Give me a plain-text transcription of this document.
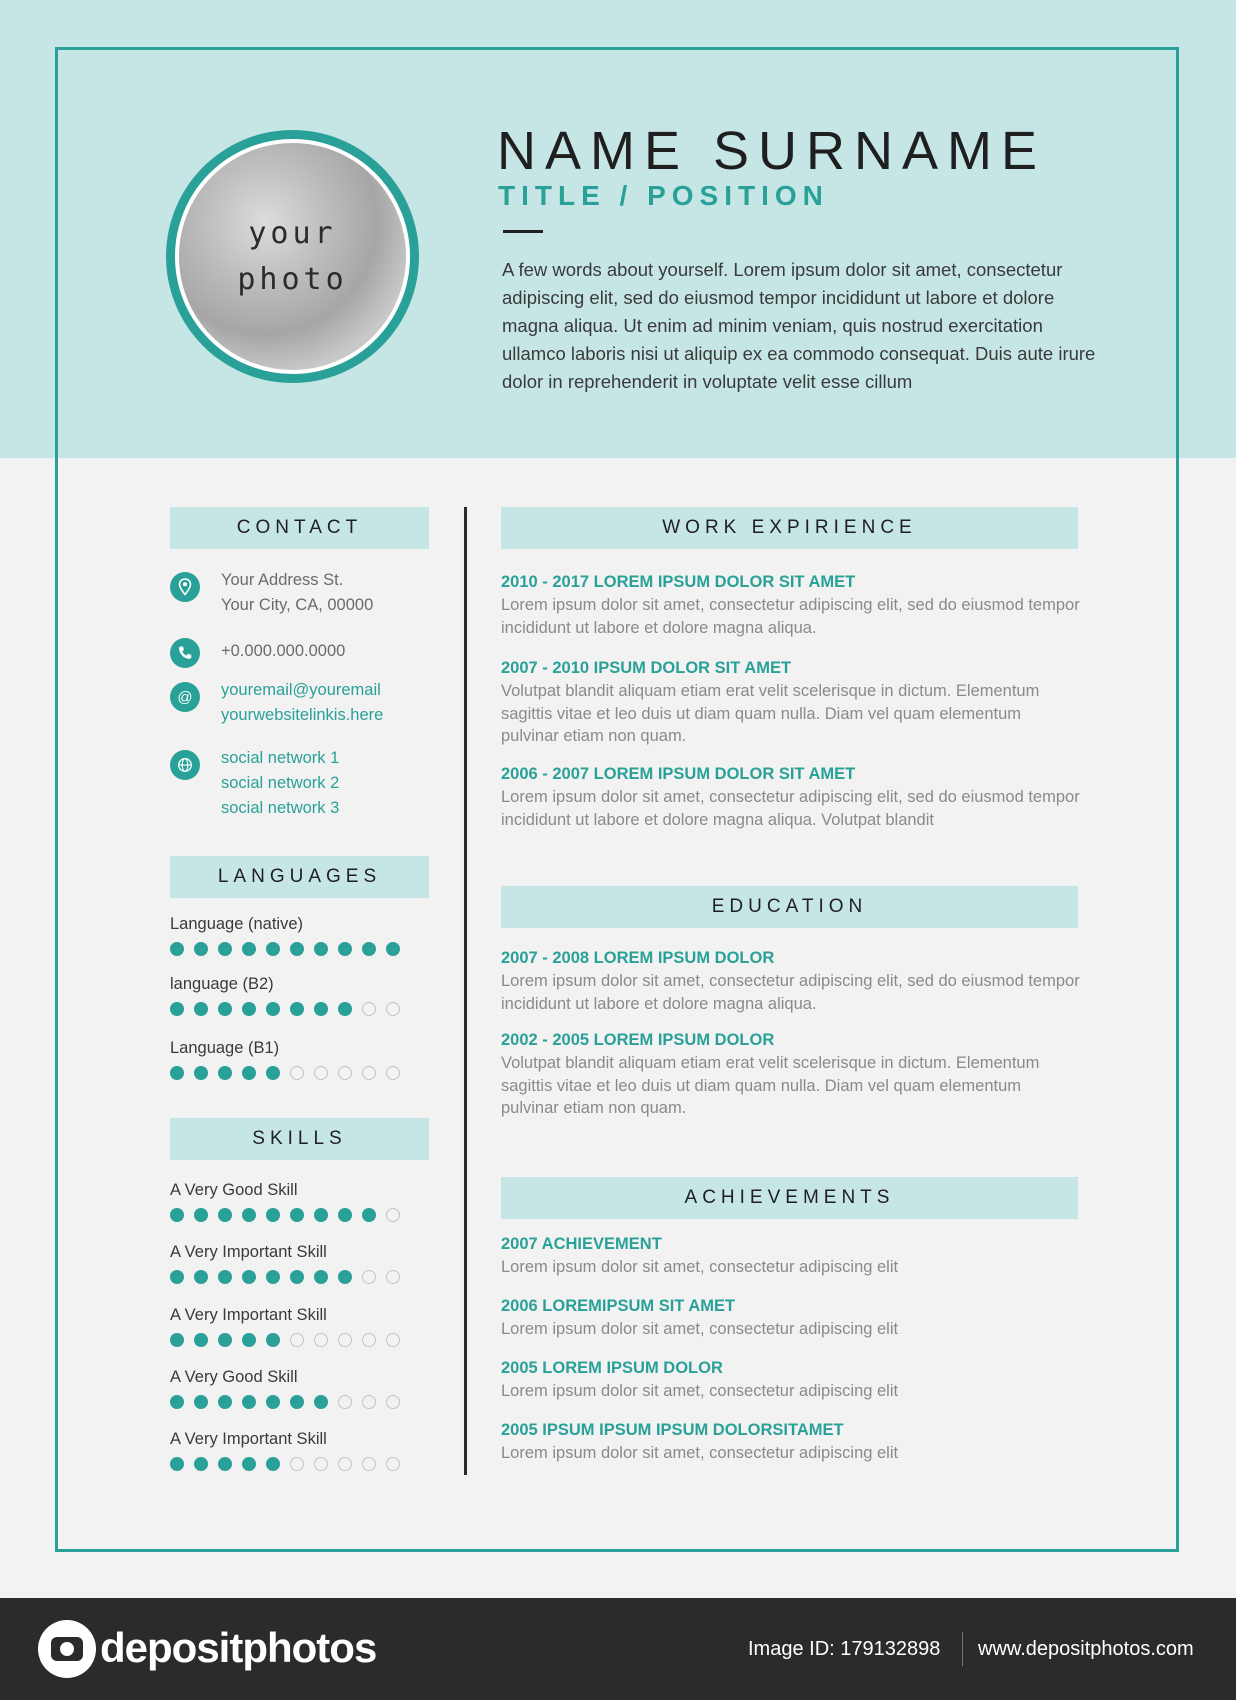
your
photo
NAME SURNAME
TITLE / POSITION
A few words about yourself. Lorem ipsum dolor sit amet, consectetur adipiscing elit, sed do eiusmod tempor incididunt ut labore et dolore magna aliqua. Ut enim ad minim veniam, quis nostrud exercitation ullamco laboris nisi ut aliquip ex ea commodo consequat. Duis aute irure dolor in reprehenderit in voluptate velit esse cillum
CONTACT
Your Address St.
Your City, CA, 00000
+0.000.000.0000
@	youremail@youremail
yourwebsitelinkis.here
social network 1
social network 2
social network 3
LANGUAGES
Language (native)
language (B2)
Language (B1)
SKILLS
A Very Good Skill
A Very Important Skill
A Very Important Skill
A Very Good Skill
A Very Important Skill
WORK EXPIRIENCE
2010 - 2017 LOREM IPSUM DOLOR SIT AMET
Lorem ipsum dolor sit amet, consectetur adipiscing elit, sed do eiusmod tempor incididunt ut labore et dolore magna aliqua.
2007 - 2010 IPSUM DOLOR SIT AMET
Volutpat blandit aliquam etiam erat velit scelerisque in dictum. Elementum sagittis vitae et leo duis ut diam quam nulla. Diam vel quam elementum pulvinar etiam non quam.
2006 - 2007 LOREM IPSUM DOLOR SIT AMET
Lorem ipsum dolor sit amet, consectetur adipiscing elit, sed do eiusmod tempor incididunt ut labore et dolore magna aliqua. Volutpat blandit
EDUCATION
2007 - 2008 LOREM IPSUM DOLOR
Lorem ipsum dolor sit amet, consectetur adipiscing elit, sed do eiusmod tempor incididunt ut labore et dolore magna aliqua.
2002 - 2005 LOREM IPSUM DOLOR
Volutpat blandit aliquam etiam erat velit scelerisque in dictum. Elementum sagittis vitae et leo duis ut diam quam nulla. Diam vel quam elementum pulvinar etiam non quam.
ACHIEVEMENTS
2007 ACHIEVEMENT
Lorem ipsum dolor sit amet, consectetur adipiscing elit
2006 LOREMIPSUM SIT AMET
Lorem ipsum dolor sit amet, consectetur adipiscing elit
2005 LOREM IPSUM DOLOR
Lorem ipsum dolor sit amet, consectetur adipiscing elit
2005 IPSUM IPSUM IPSUM DOLORSITAMET
Lorem ipsum dolor sit amet, consectetur adipiscing elit
depositphotos	Image ID: 179132898 www.depositphotos.com
